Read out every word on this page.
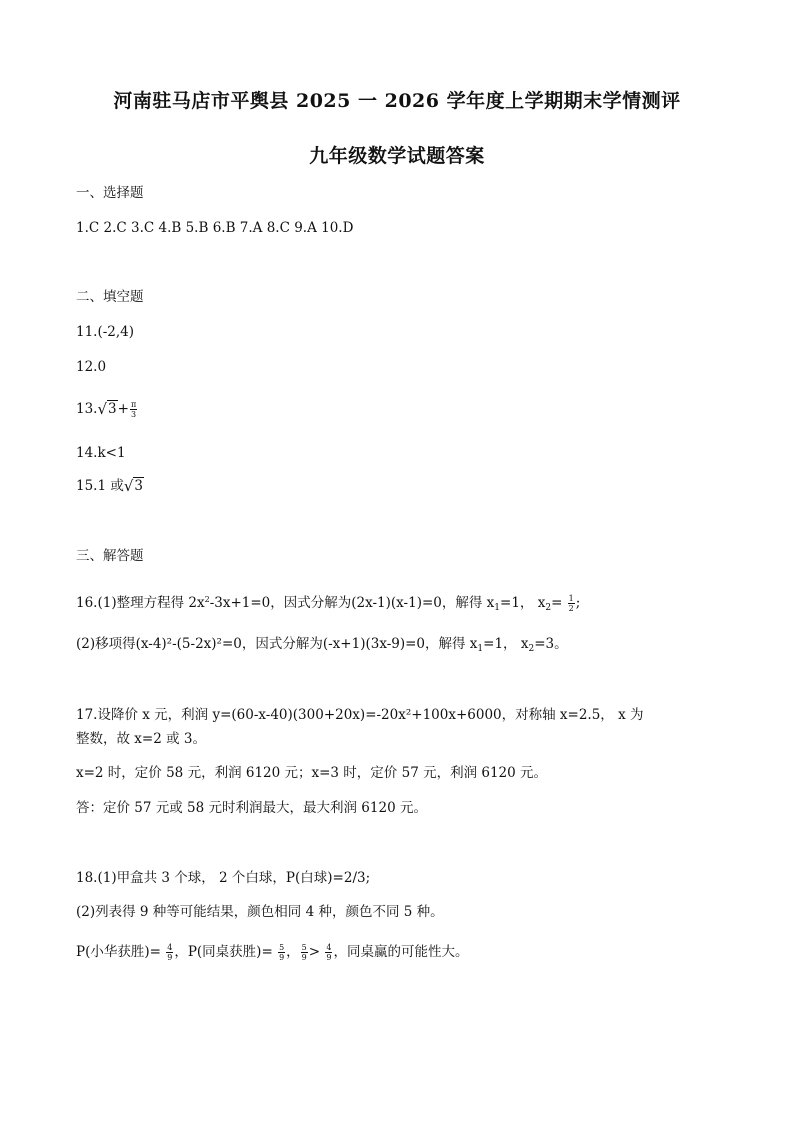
河南驻马店市平舆县 2025 一 2026 学年度上学期期末学情测评
九年级数学试题答案
一、选择题
1.C 2.C 3.C 4.B 5.B 6.B 7.A 8.C 9.A 10.D
二、填空题
11.(-2,4)
12.0
13. √ $3 + \frac{\pi}{3}$
14.k<1
15.1 或 √ 3
三、解答题
16.(1)整理方程得 $2x^2-3x+1=0$，因式分解为(2x-1)(x-1)=0，解得 $x_1=1$， $x_2= \frac{1}{2}$ ;
(2)移项得(x-4)²-(5-2x)²=0，因式分解为(-x+1)(3x-9)=0，解得 $x_1=1$， $x_2=3$。
17.设降价 x 元，利润 y=(60-x-40)(300+20x)=-20x²+100x+6000，对称轴 x=2.5， x 为
整数，故 x=2 或 3。
x=2 时，定价 58 元，利润 6120 元；x=3 时，定价 57 元，利润 6120 元。
答：定价 57 元或 58 元时利润最大，最大利润 6120 元。
18.(1)甲盒共 3 个球， 2 个白球，P(白球)=2/3;
(2)列表得 9 种等可能结果，颜色相同 4 种，颜色不同 5 种。
P(小华获胜)= $\frac{4}{9}$ ，P(同桌获胜)= $\frac{5}{9}$ ， $\frac{5}{9} > \frac{4}{9}$ ，同桌赢的可能性大。
